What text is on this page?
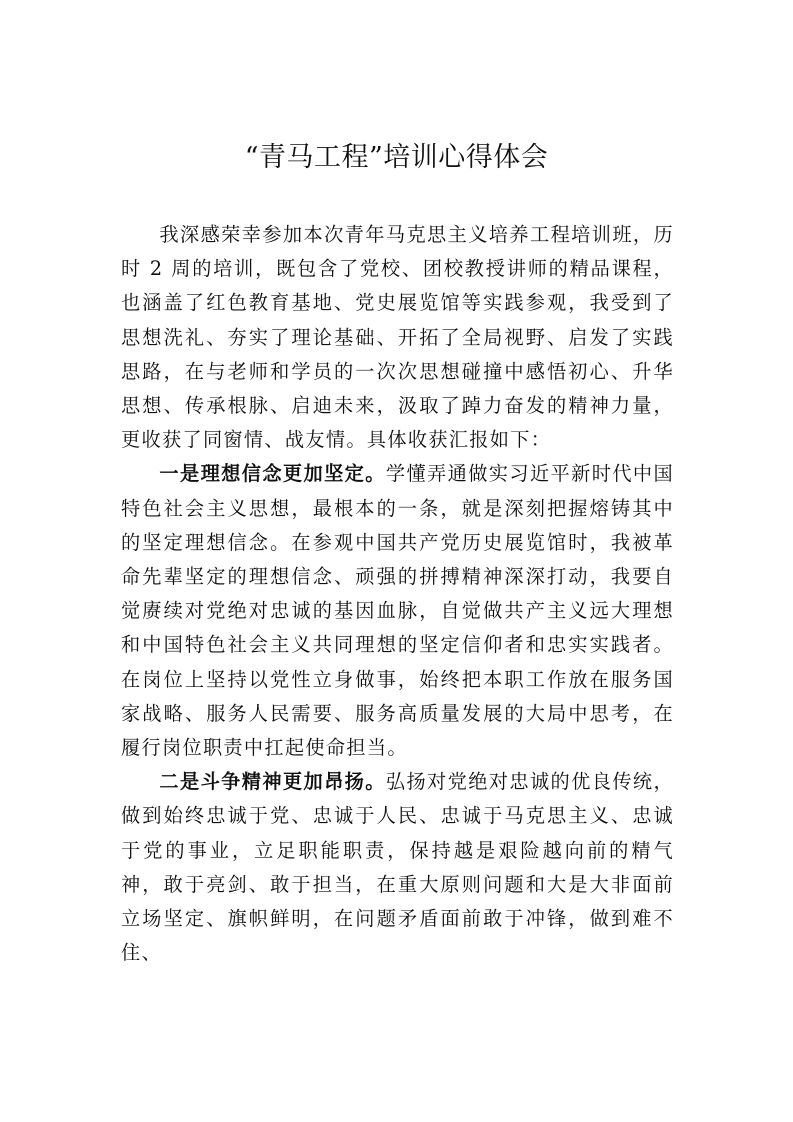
“青马工程”培训心得体会

我深感荣幸参加本次青年马克思主义培养工程培训班，历时 2 周的培训，既包含了党校、团校教授讲师的精品课程，也涵盖了红色教育基地、党史展览馆等实践参观，我受到了思想洗礼、夯实了理论基础、开拓了全局视野、启发了实践思路，在与老师和学员的一次次思想碰撞中感悟初心、升华思想、传承根脉、启迪未来，汲取了踔力奋发的精神力量，更收获了同窗情、战友情。具体收获汇报如下：

一是理想信念更加坚定。学懂弄通做实习近平新时代中国特色社会主义思想，最根本的一条，就是深刻把握熔铸其中的坚定理想信念。在参观中国共产党历史展览馆时，我被革命先辈坚定的理想信念、顽强的拼搏精神深深打动，我要自觉赓续对党绝对忠诚的基因血脉，自觉做共产主义远大理想和中国特色社会主义共同理想的坚定信仰者和忠实实践者。在岗位上坚持以党性立身做事，始终把本职工作放在服务国家战略、服务人民需要、服务高质量发展的大局中思考，在履行岗位职责中扛起使命担当。

二是斗争精神更加昂扬。弘扬对党绝对忠诚的优良传统，做到始终忠诚于党、忠诚于人民、忠诚于马克思主义、忠诚于党的事业，立足职能职责，保持越是艰险越向前的精气神，敢于亮剑、敢于担当，在重大原则问题和大是大非面前立场坚定、旗帜鲜明，在问题矛盾面前敢于冲锋，做到难不住、
